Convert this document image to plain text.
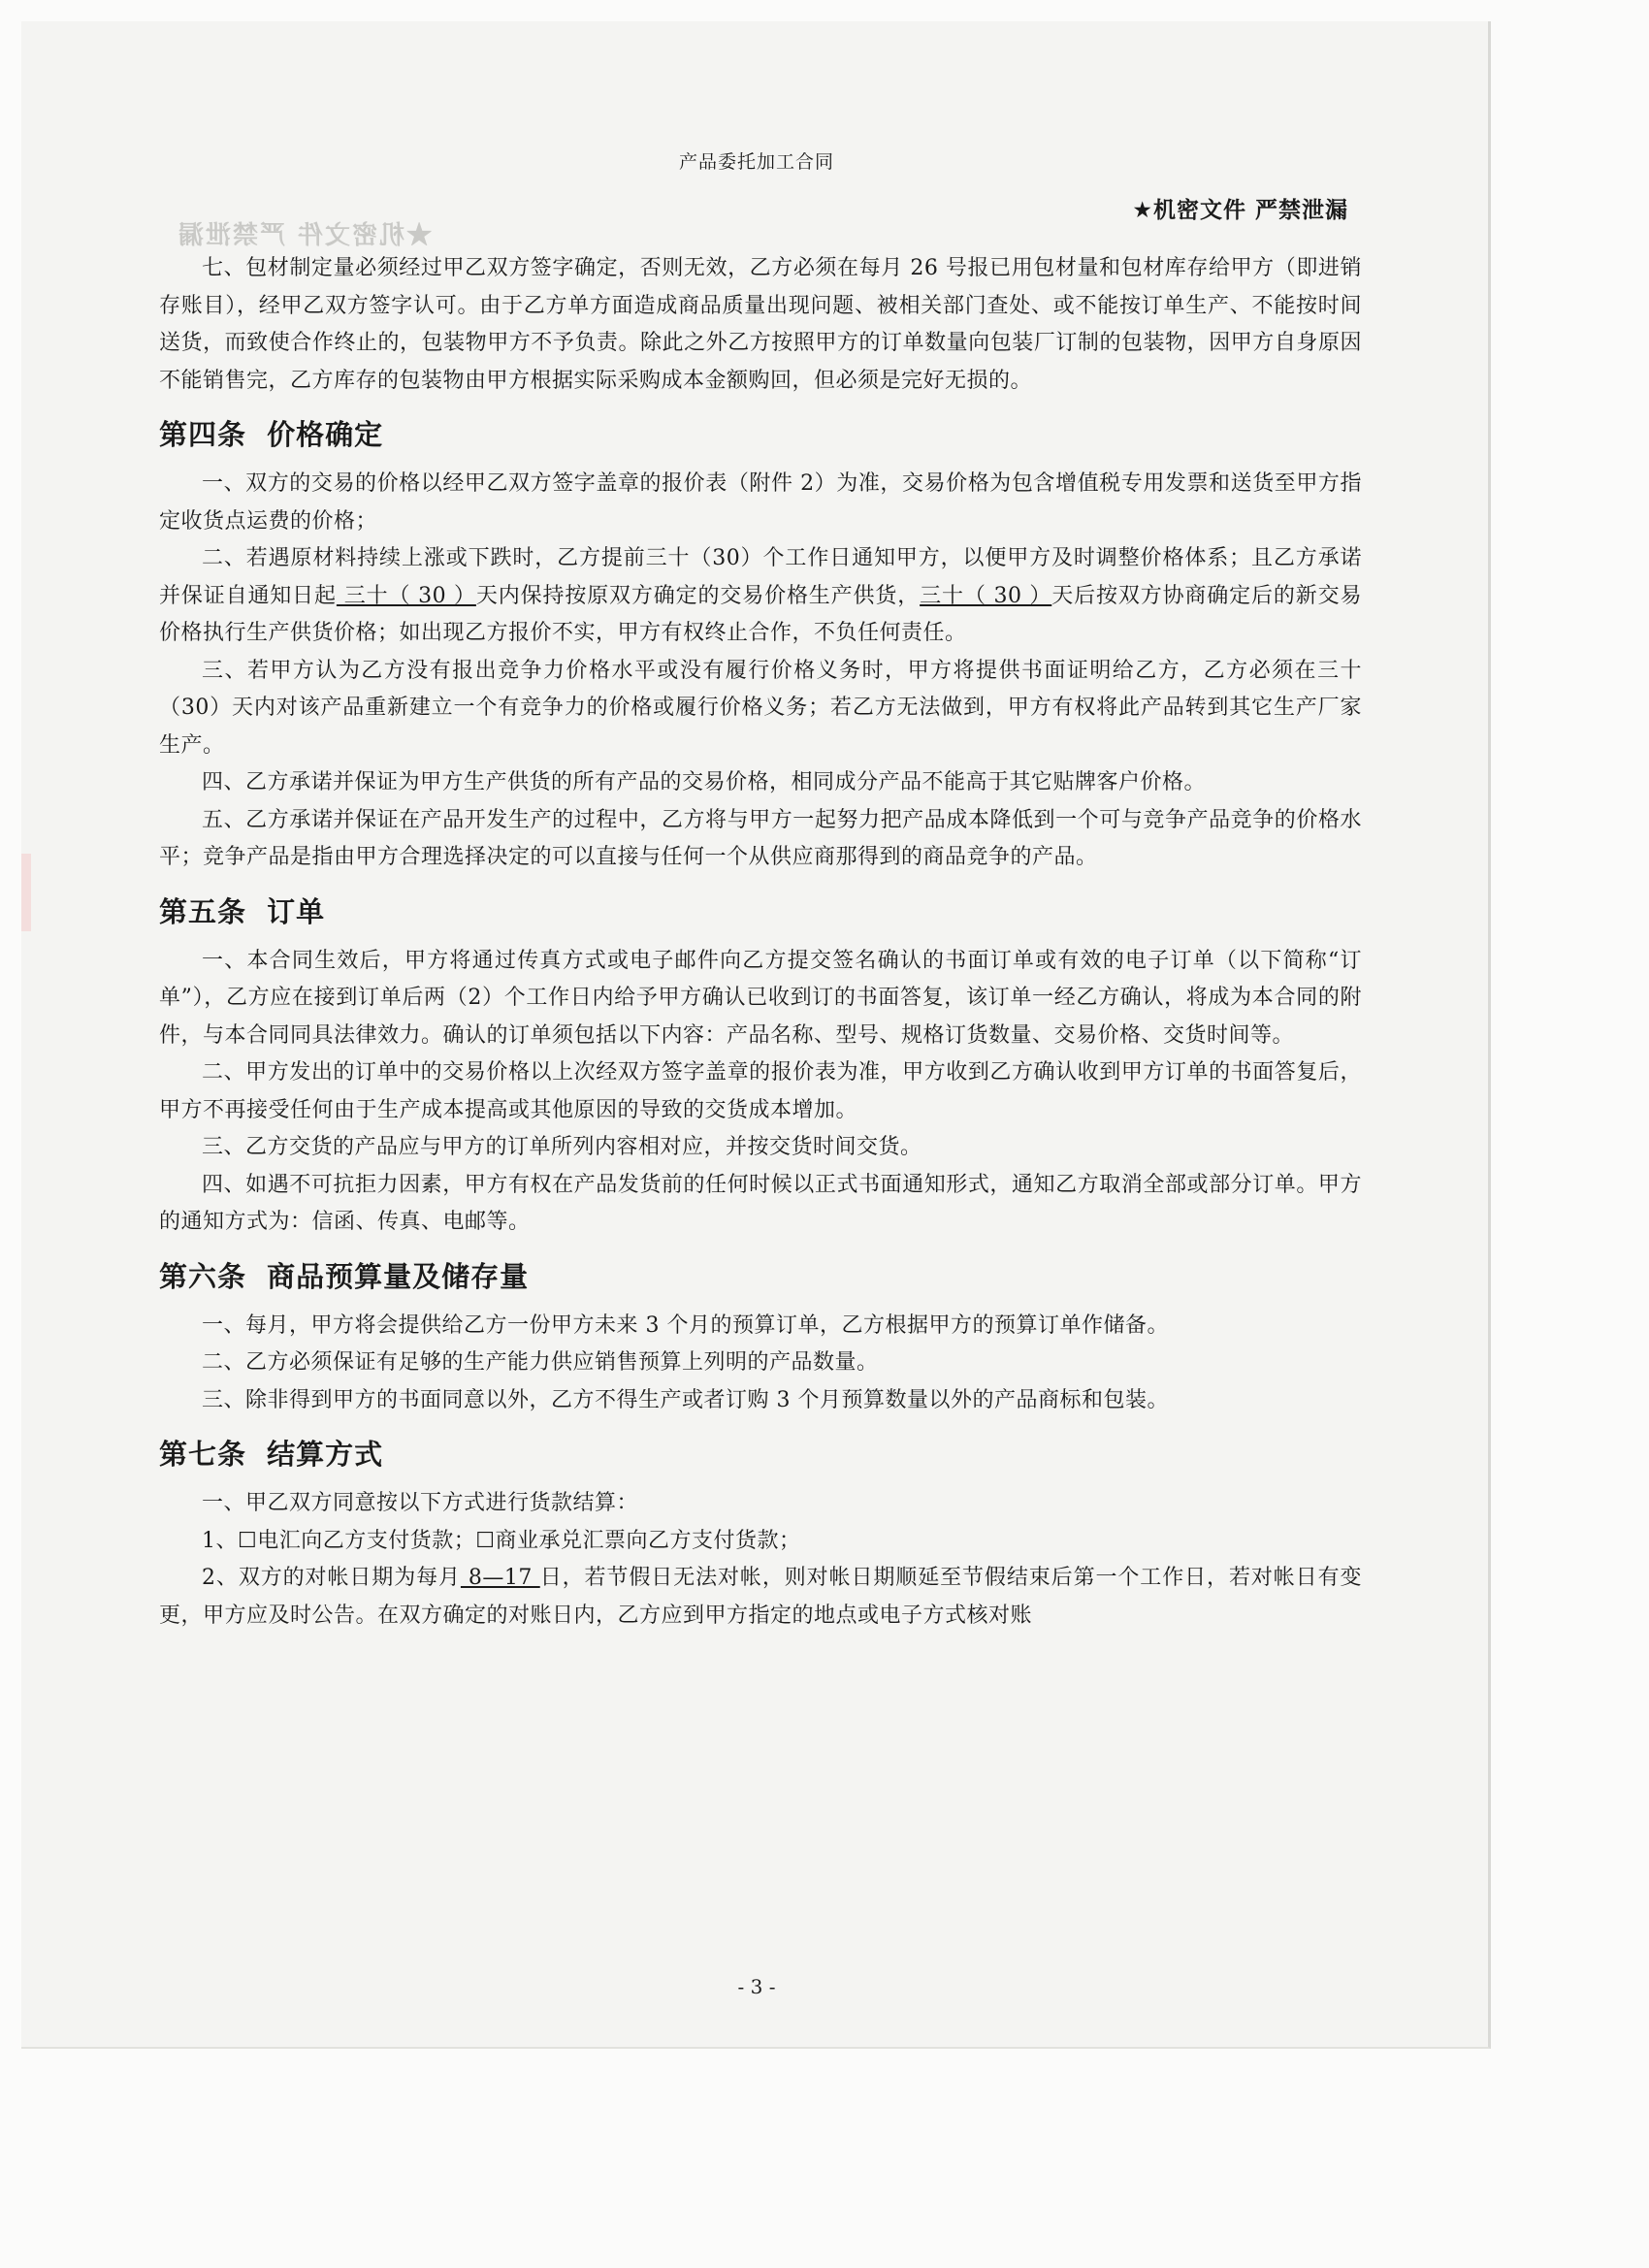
★机密文件 严禁泄漏
产品委托加工合同
★机密文件 严禁泄漏

七、包材制定量必须经过甲乙双方签字确定，否则无效，乙方必须在每月 26 号报已用包材量和包材库存给甲方（即进销存账目），经甲乙双方签字认可。由于乙方单方面造成商品质量出现问题、被相关部门查处、或不能按订单生产、不能按时间送货，而致使合作终止的，包装物甲方不予负责。除此之外乙方按照甲方的订单数量向包装厂订制的包装物，因甲方自身原因不能销售完，乙方库存的包装物由甲方根据实际采购成本金额购回，但必须是完好无损的。

第四条 价格确定

一、双方的交易的价格以经甲乙双方签字盖章的报价表（附件 2）为准，交易价格为包含增值税专用发票和送货至甲方指定收货点运费的价格；

二、若遇原材料持续上涨或下跌时，乙方提前三十（30）个工作日通知甲方，以便甲方及时调整价格体系；且乙方承诺并保证自通知日起 三十（ 30 ）天内保持按原双方确定的交易价格生产供货，三十（ 30 ）天后按双方协商确定后的新交易价格执行生产供货价格；如出现乙方报价不实，甲方有权终止合作，不负任何责任。

三、若甲方认为乙方没有报出竞争力价格水平或没有履行价格义务时，甲方将提供书面证明给乙方，乙方必须在三十（30）天内对该产品重新建立一个有竞争力的价格或履行价格义务；若乙方无法做到，甲方有权将此产品转到其它生产厂家生产。

四、乙方承诺并保证为甲方生产供货的所有产品的交易价格，相同成分产品不能高于其它贴牌客户价格。

五、乙方承诺并保证在产品开发生产的过程中，乙方将与甲方一起努力把产品成本降低到一个可与竞争产品竞争的价格水平；竞争产品是指由甲方合理选择决定的可以直接与任何一个从供应商那得到的商品竞争的产品。

第五条 订单

一、本合同生效后，甲方将通过传真方式或电子邮件向乙方提交签名确认的书面订单或有效的电子订单（以下简称“订单”），乙方应在接到订单后两（2）个工作日内给予甲方确认已收到订的书面答复，该订单一经乙方确认，将成为本合同的附件，与本合同同具法律效力。确认的订单须包括以下内容：产品名称、型号、规格订货数量、交易价格、交货时间等。

二、甲方发出的订单中的交易价格以上次经双方签字盖章的报价表为准，甲方收到乙方确认收到甲方订单的书面答复后，甲方不再接受任何由于生产成本提高或其他原因的导致的交货成本增加。

三、乙方交货的产品应与甲方的订单所列内容相对应，并按交货时间交货。

四、如遇不可抗拒力因素，甲方有权在产品发货前的任何时候以正式书面通知形式，通知乙方取消全部或部分订单。甲方的通知方式为：信函、传真、电邮等。

第六条 商品预算量及储存量

一、每月，甲方将会提供给乙方一份甲方未来 3 个月的预算订单，乙方根据甲方的预算订单作储备。

二、乙方必须保证有足够的生产能力供应销售预算上列明的产品数量。

三、除非得到甲方的书面同意以外，乙方不得生产或者订购 3 个月预算数量以外的产品商标和包装。

第七条 结算方式

一、甲乙双方同意按以下方式进行货款结算：

1、☐电汇向乙方支付货款；☐商业承兑汇票向乙方支付货款；

2、双方的对帐日期为每月 8—17 日，若节假日无法对帐，则对帐日期顺延至节假结束后第一个工作日，若对帐日有变更，甲方应及时公告。在双方确定的对账日内，乙方应到甲方指定的地点或电子方式核对账

- 3 -
